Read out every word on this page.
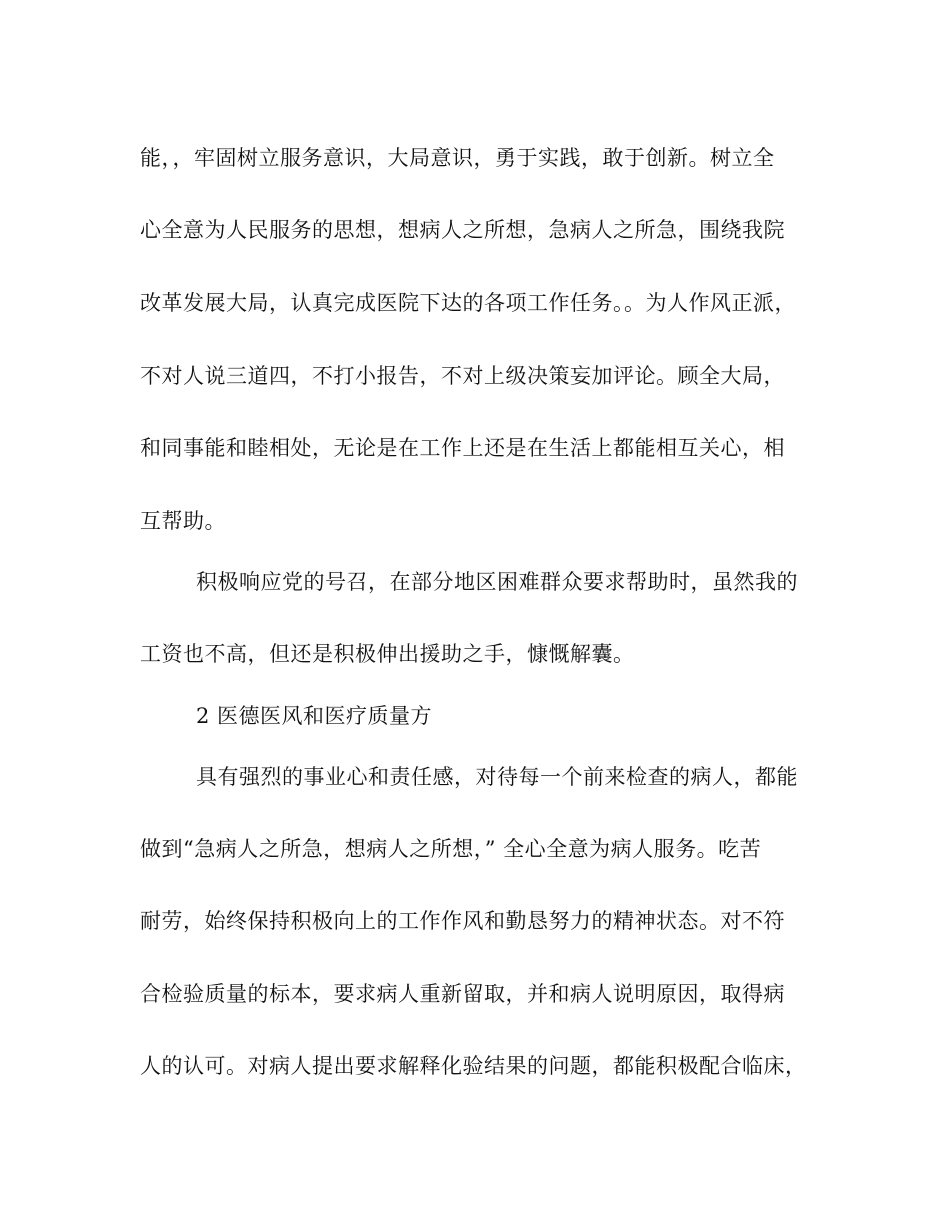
能，，牢固树立服务意识，大局意识，勇于实践，敢于创新。树立全

心全意为人民服务的思想，想病人之所想，急病人之所急，围绕我院

改革发展大局，认真完成医院下达的各项工作任务。。为人作风正派，

不对人说三道四，不打小报告，不对上级决策妄加评论。顾全大局，

和同事能和睦相处，无论是在工作上还是在生活上都能相互关心，相

互帮助。

积极响应党的号召，在部分地区困难群众要求帮助时，虽然我的

工资也不高，但还是积极伸出援助之手，慷慨解囊。

2 医德医风和医疗质量方

具有强烈的事业心和责任感，对待每一个前来检查的病人，都能

做到“急病人之所急，想病人之所想，” 全心全意为病人服务。吃苦

耐劳，始终保持积极向上的工作作风和勤恳努力的精神状态。对不符

合检验质量的标本，要求病人重新留取，并和病人说明原因，取得病

人的认可。对病人提出要求解释化验结果的问题，都能积极配合临床，
